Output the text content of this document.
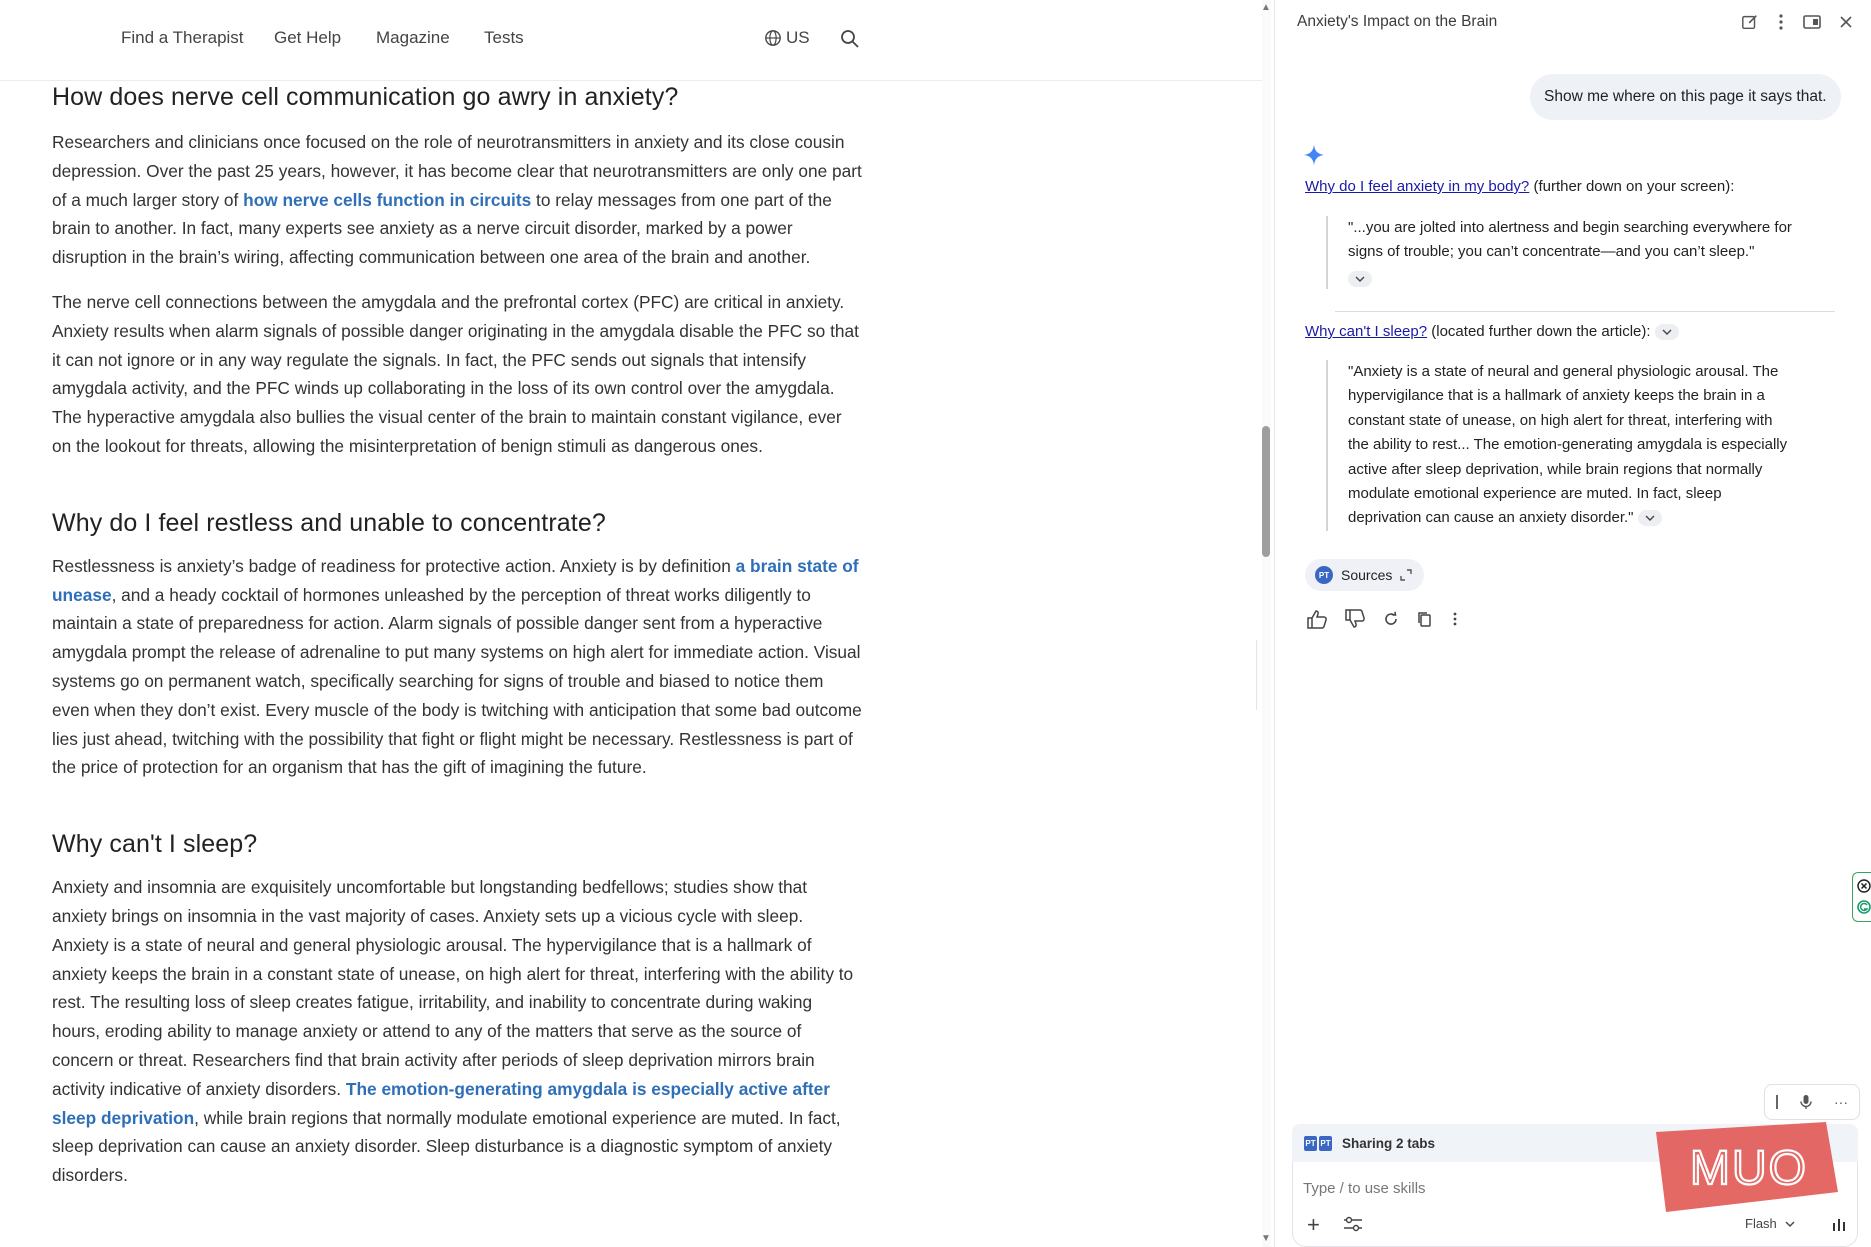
Find a Therapist Get Help Magazine Tests	US
How does nerve cell communication go awry in anxiety?

Researchers and clinicians once focused on the role of neurotransmitters in anxiety and its close cousin depression. Over the past 25 years, however, it has become clear that neurotransmitters are only one part of a much larger story of how nerve cells function in circuits to relay messages from one part of the brain to another. In fact, many experts see anxiety as a nerve circuit disorder, marked by a power disruption in the brain’s wiring, affecting communication between one area of the brain and another.

The nerve cell connections between the amygdala and the prefrontal cortex (PFC) are critical in anxiety. Anxiety results when alarm signals of possible danger originating in the amygdala disable the PFC so that it can not ignore or in any way regulate the signals. In fact, the PFC sends out signals that intensify amygdala activity, and the PFC winds up collaborating in the loss of its own control over the amygdala. The hyperactive amygdala also bullies the visual center of the brain to maintain constant vigilance, ever on the lookout for threats, allowing the misinterpretation of benign stimuli as dangerous ones.

Why do I feel restless and unable to concentrate?

Restlessness is anxiety’s badge of readiness for protective action. Anxiety is by definition a brain state of unease, and a heady cocktail of hormones unleashed by the perception of threat works diligently to maintain a state of preparedness for action. Alarm signals of possible danger sent from a hyperactive amygdala prompt the release of adrenaline to put many systems on high alert for immediate action. Visual systems go on permanent watch, specifically searching for signs of trouble and biased to notice them even when they don’t exist. Every muscle of the body is twitching with anticipation that some bad outcome lies just ahead, twitching with the possibility that fight or flight might be necessary. Restlessness is part of the price of protection for an organism that has the gift of imagining the future.

Why can't I sleep?

Anxiety and insomnia are exquisitely uncomfortable but longstanding bedfellows; studies show that anxiety brings on insomnia in the vast majority of cases. Anxiety sets up a vicious cycle with sleep. Anxiety is a state of neural and general physiologic arousal. The hypervigilance that is a hallmark of anxiety keeps the brain in a constant state of unease, on high alert for threat, interfering with the ability to rest. The resulting loss of sleep creates fatigue, irritability, and inability to concentrate during waking hours, eroding ability to manage anxiety or attend to any of the matters that serve as the source of concern or threat. Researchers find that brain activity after periods of sleep deprivation mirrors brain activity indicative of anxiety disorders. The emotion-generating amygdala is especially active after sleep deprivation, while brain regions that normally modulate emotional experience are muted. In fact, sleep deprivation can cause an anxiety disorder. Sleep disturbance is a diagnostic symptom of anxiety disorders.

▲
▼
Anxiety's Impact on the Brain
Show me where on this page it says that.
Why do I feel anxiety in my body? (further down on your screen):
"...you are jolted into alertness and begin searching everywhere for signs of trouble; you can’t concentrate—and you can’t sleep."

Why can't I sleep? (located further down the article):
"Anxiety is a state of neural and general physiologic arousal. The hypervigilance that is a hallmark of anxiety keeps the brain in a constant state of unease, on high alert for threat, interfering with the ability to rest... The emotion-generating amygdala is especially active after sleep deprivation, while brain regions that normally modulate emotional experience are muted. In fact, sleep deprivation can cause an anxiety disorder."
PT Sources
···
PT PT Sharing 2 tabs
Type / to use skills
+	Flash
MUO
